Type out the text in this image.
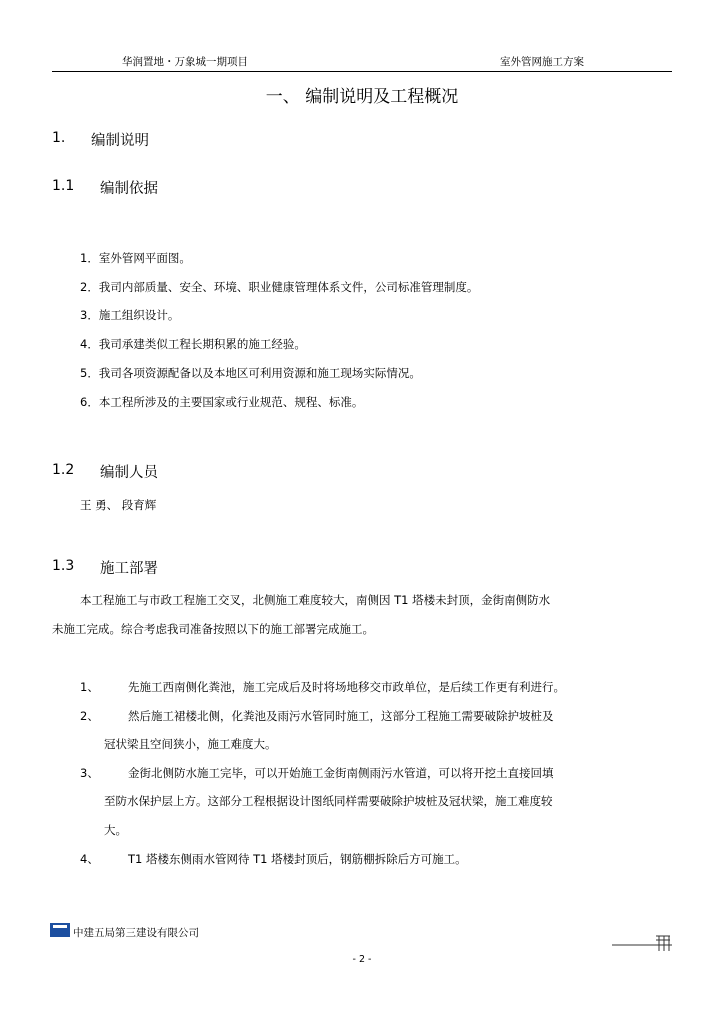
华润置地・万象城一期项目	室外管网施工方案
一、 编制说明及工程概况
1. 编制说明
1.1 编制依据
1．室外管网平面图。
2．我司内部质量、安全、环境、职业健康管理体系文件，公司标准管理制度。
3．施工组织设计。
4．我司承建类似工程长期积累的施工经验。
5．我司各项资源配备以及本地区可利用资源和施工现场实际情况。
6．本工程所涉及的主要国家或行业规范、规程、标准。
1.2 编制人员
王 勇、 段育辉
1.3 施工部署
本工程施工与市政工程施工交叉，北侧施工难度较大，南侧因 T1 塔楼未封顶，金街南侧防水
未施工完成。综合考虑我司准备按照以下的施工部署完成施工。
1、	先施工西南侧化粪池，施工完成后及时将场地移交市政单位，是后续工作更有利进行。
2、	然后施工裙楼北侧，化粪池及雨污水管同时施工，这部分工程施工需要破除护坡桩及
冠状梁且空间狭小，施工难度大。
3、	金街北侧防水施工完毕，可以开始施工金街南侧雨污水管道，可以将开挖土直接回填
至防水保护层上方。这部分工程根据设计图纸同样需要破除护坡桩及冠状梁，施工难度较
大。
4、	T1 塔楼东侧雨水管网待 T1 塔楼封顶后，钢筋棚拆除后方可施工。
中建五局第三建设有限公司
- 2 -
